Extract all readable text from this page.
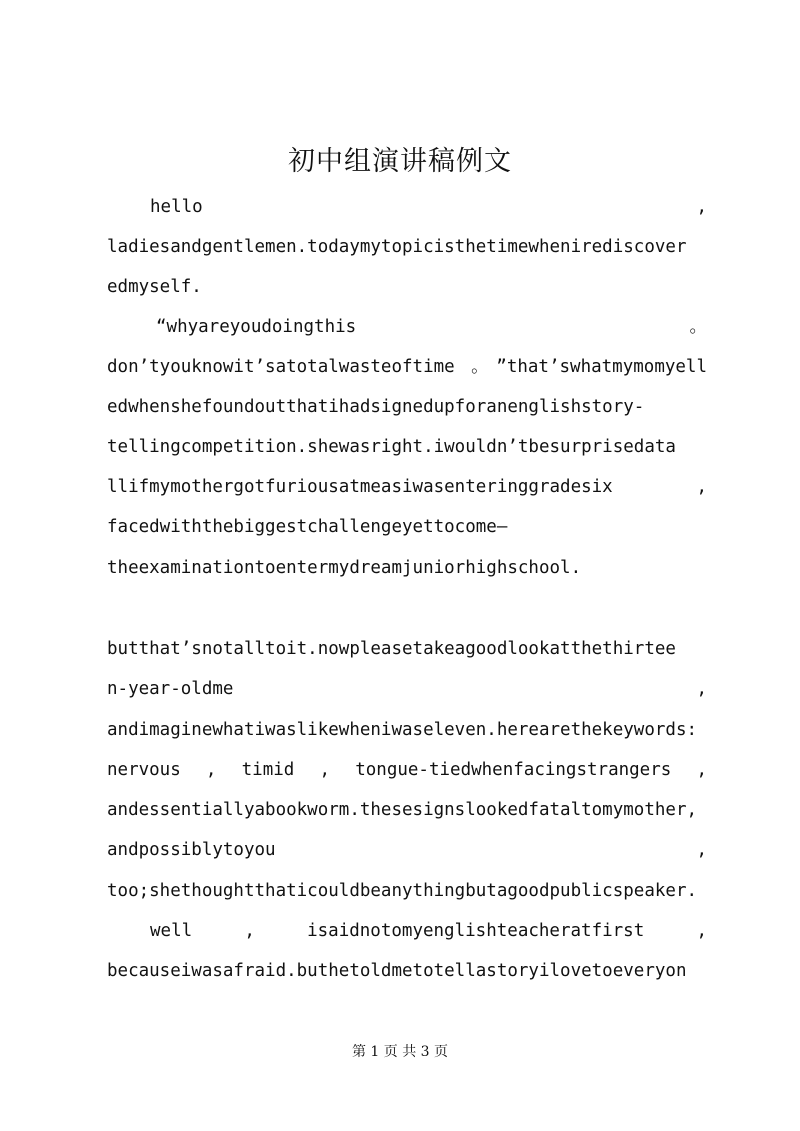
初中组演讲稿例文
hello ,
ladiesandgentlemen.todaymytopicisthetimewhenirediscover
edmyself.
“whyareyoudoingthis 。
don’tyouknowit’satotalwasteoftime。”that’swhatmymomyell
edwhenshefoundoutthatihadsignedupforanenglishstory-
tellingcompetition.shewasright.iwouldn’tbesurprisedata
llifmymothergotfuriousatmeasiwasenteringgradesix ,
facedwiththebiggestchallengeyettocome—
theexaminationtoentermydreamjuniorhighschool.
butthat’snotalltoit.nowpleasetakeagoodlookatthethirtee
n-year-oldme ,
andimaginewhatiwaslikewheniwaseleven.herearethekeywords:
nervous , timid , tongue-tiedwhenfacingstrangers ,
andessentiallyabookworm.thesesignslookedfataltomymother,
andpossiblytoyou ,
too;shethoughtthaticouldbeanythingbutagoodpublicspeaker.
well , isaidnotomyenglishteacheratfirst ,
becauseiwasafraid.buthetoldmetotellastoryilovetoeveryon
第 1 页 共 3 页
